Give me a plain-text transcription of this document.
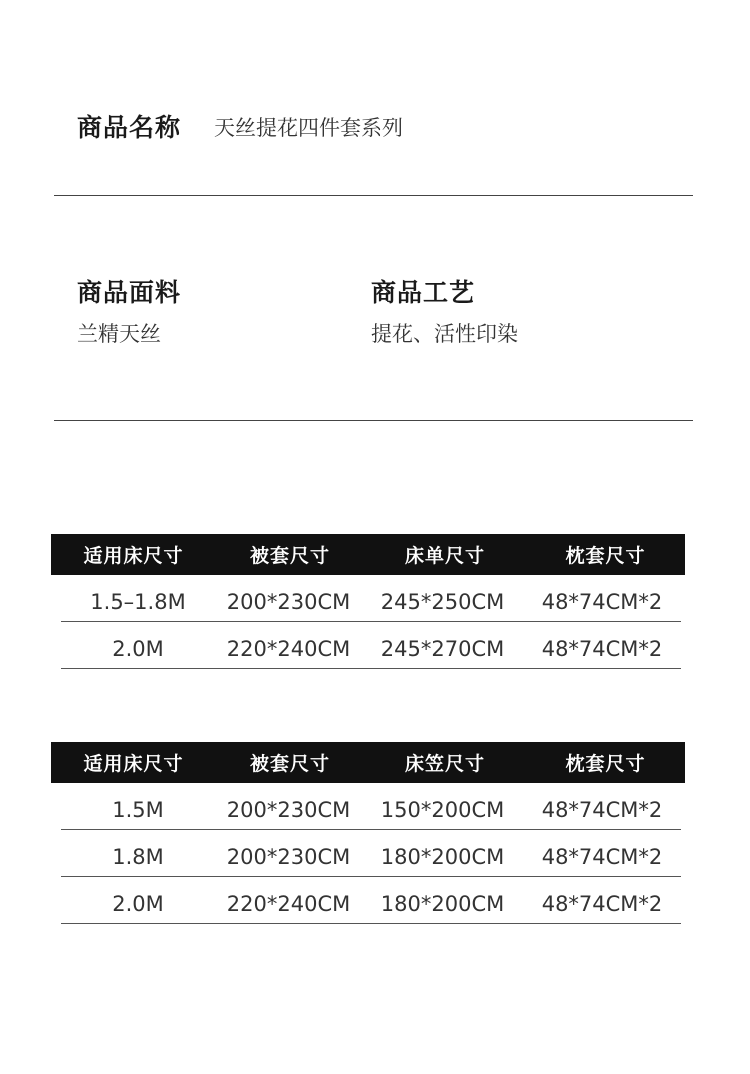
商品名称 天丝提花四件套系列
商品面料
兰精天丝
商品工艺
提花、活性印染
适用床尺寸	被套尺寸	床单尺寸	枕套尺寸
1.5–1.8M	200*230CM	245*250CM	48*74CM*2
2.0M	220*240CM	245*270CM	48*74CM*2
适用床尺寸	被套尺寸	床笠尺寸	枕套尺寸
1.5M	200*230CM	150*200CM	48*74CM*2
1.8M	200*230CM	180*200CM	48*74CM*2
2.0M	220*240CM	180*200CM	48*74CM*2
